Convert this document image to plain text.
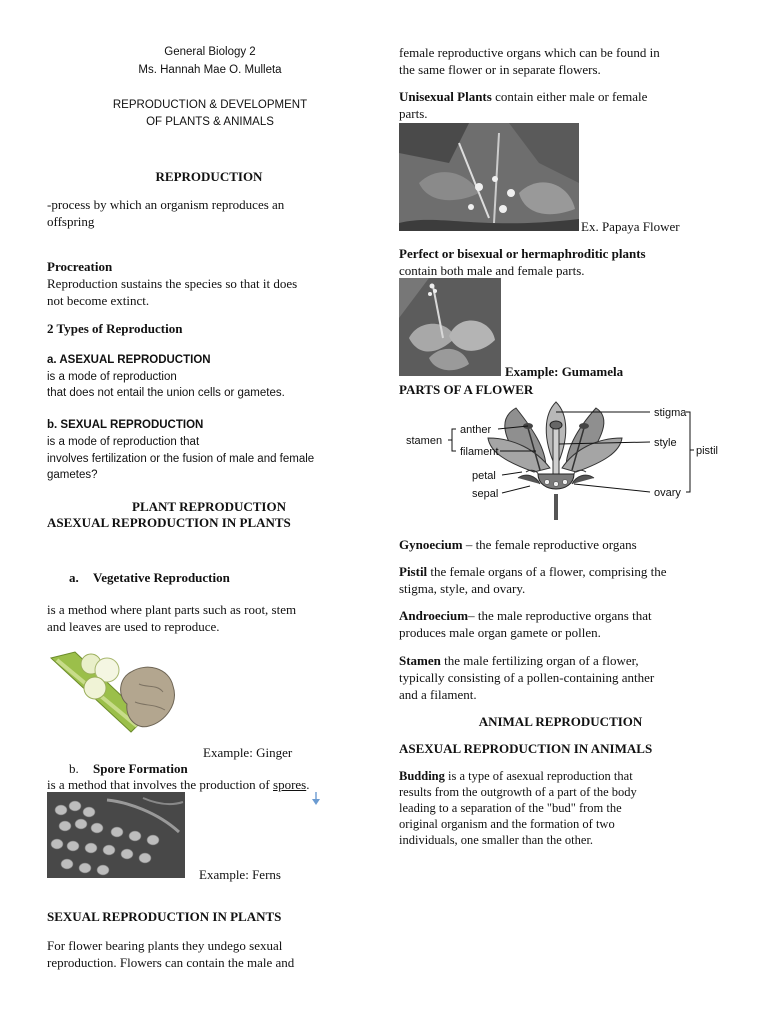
General Biology 2
Ms. Hannah Mae O. Mulleta
REPRODUCTION & DEVELOPMENT
OF PLANTS & ANIMALS
REPRODUCTION
-process by which an organism reproduces an
offspring
Procreation
Reproduction sustains the species so that it does
not become extinct.
2 Types of Reproduction
a. ASEXUAL REPRODUCTION
is a mode of reproduction
that does not entail the union cells or gametes.
b. SEXUAL REPRODUCTION
is a mode of reproduction that
involves fertilization or the fusion of male and female
gametes?
PLANT REPRODUCTION
ASEXUAL REPRODUCTION IN PLANTS
a. Vegetative Reproduction
is a method where plant parts such as root, stem
and leaves are used to reproduce.
Example: Ginger
b. Spore Formation
is a method that involves the production of spores.
Example: Ferns
SEXUAL REPRODUCTION IN PLANTS
For flower bearing plants they undego sexual
reproduction. Flowers can contain the male and
female reproductive organs which can be found in
the same flower or in separate flowers.
Unisexual Plants contain either male or female
parts.
Ex. Papaya Flower
Perfect or bisexual or hermaphroditic plants
contain both male and female parts.
Example: Gumamela
PARTS OF A FLOWER
stamen
anther
filament
petal
sepal
stigma
style
ovary
pistil
Gynoecium – the female reproductive organs
Pistil the female organs of a flower, comprising the
stigma, style, and ovary.
Androecium– the male reproductive organs that
produces male organ gamete or pollen.
Stamen the male fertilizing organ of a flower,
typically consisting of a pollen-containing anther
and a filament.
ANIMAL REPRODUCTION
ASEXUAL REPRODUCTION IN ANIMALS
Budding is a type of asexual reproduction that
results from the outgrowth of a part of the body
leading to a separation of the "bud" from the
original organism and the formation of two
individuals, one smaller than the other.
